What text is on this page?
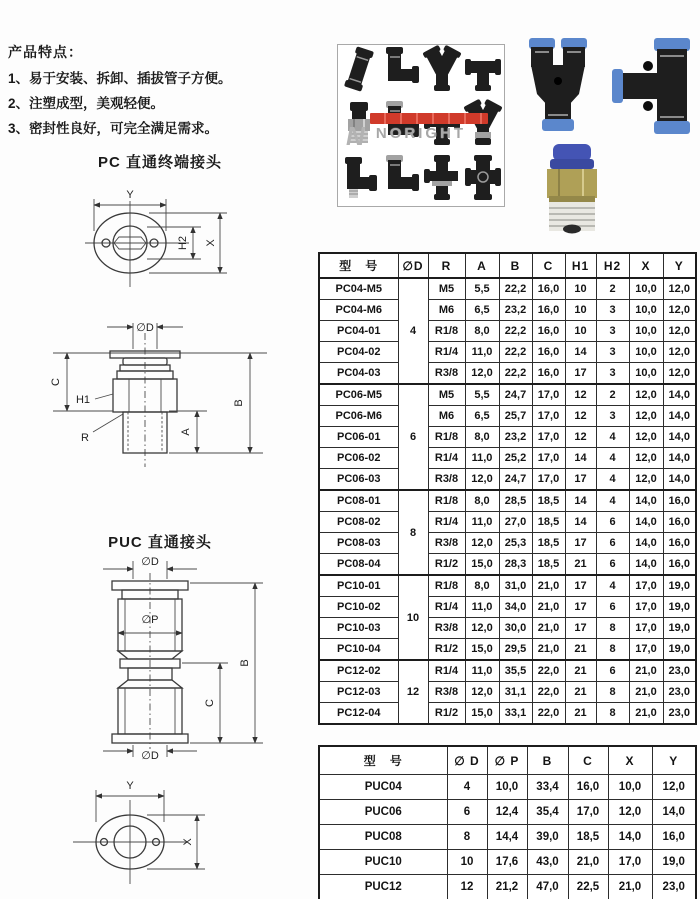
产品特点：
1、易于安装、拆卸、插拔管子方便。
2、注塑成型，美观轻便。
3、密封性良好，可完全满足需求。
PC 直通终端接头
Y
H2 X
∅D
C
B
A
H1
R
PUC 直通接头
∅D
∅P
∅D
B
C
Y
X
N NORIGHT
型　号	∅D	R	A	B	C	H1	H2	X	Y
PC04-M5	4	M5	5,5	22,2	16,0	10	2	10,0	12,0
PC04-M6		M6	6,5	23,2	16,0	10	3	10,0	12,0
PC04-01		R1/8	8,0	22,2	16,0	10	3	10,0	12,0
PC04-02		R1/4	11,0	22,2	16,0	14	3	10,0	12,0
PC04-03		R3/8	12,0	22,2	16,0	17	3	10,0	12,0
PC06-M5	6	M5	5,5	24,7	17,0	12	2	12,0	14,0
PC06-M6		M6	6,5	25,7	17,0	12	3	12,0	14,0
PC06-01		R1/8	8,0	23,2	17,0	12	4	12,0	14,0
PC06-02		R1/4	11,0	25,2	17,0	14	4	12,0	14,0
PC06-03		R3/8	12,0	24,7	17,0	17	4	12,0	14,0
PC08-01	8	R1/8	8,0	28,5	18,5	14	4	14,0	16,0
PC08-02		R1/4	11,0	27,0	18,5	14	6	14,0	16,0
PC08-03		R3/8	12,0	25,3	18,5	17	6	14,0	16,0
PC08-04		R1/2	15,0	28,3	18,5	21	6	14,0	16,0
PC10-01	10	R1/8	8,0	31,0	21,0	17	4	17,0	19,0
PC10-02		R1/4	11,0	34,0	21,0	17	6	17,0	19,0
PC10-03		R3/8	12,0	30,0	21,0	17	8	17,0	19,0
PC10-04		R1/2	15,0	29,5	21,0	21	8	17,0	19,0
PC12-02	12	R1/4	11,0	35,5	22,0	21	6	21,0	23,0
PC12-03		R3/8	12,0	31,1	22,0	21	8	21,0	23,0
PC12-04		R1/2	15,0	33,1	22,0	21	8	21,0	23,0
型　号	∅ D	∅ P	B	C	X	Y
PUC04	4	10,0	33,4	16,0	10,0	12,0
PUC06	6	12,4	35,4	17,0	12,0	14,0
PUC08	8	14,4	39,0	18,5	14,0	16,0
PUC10	10	17,6	43,0	21,0	17,0	19,0
PUC12	12	21,2	47,0	22,5	21,0	23,0
